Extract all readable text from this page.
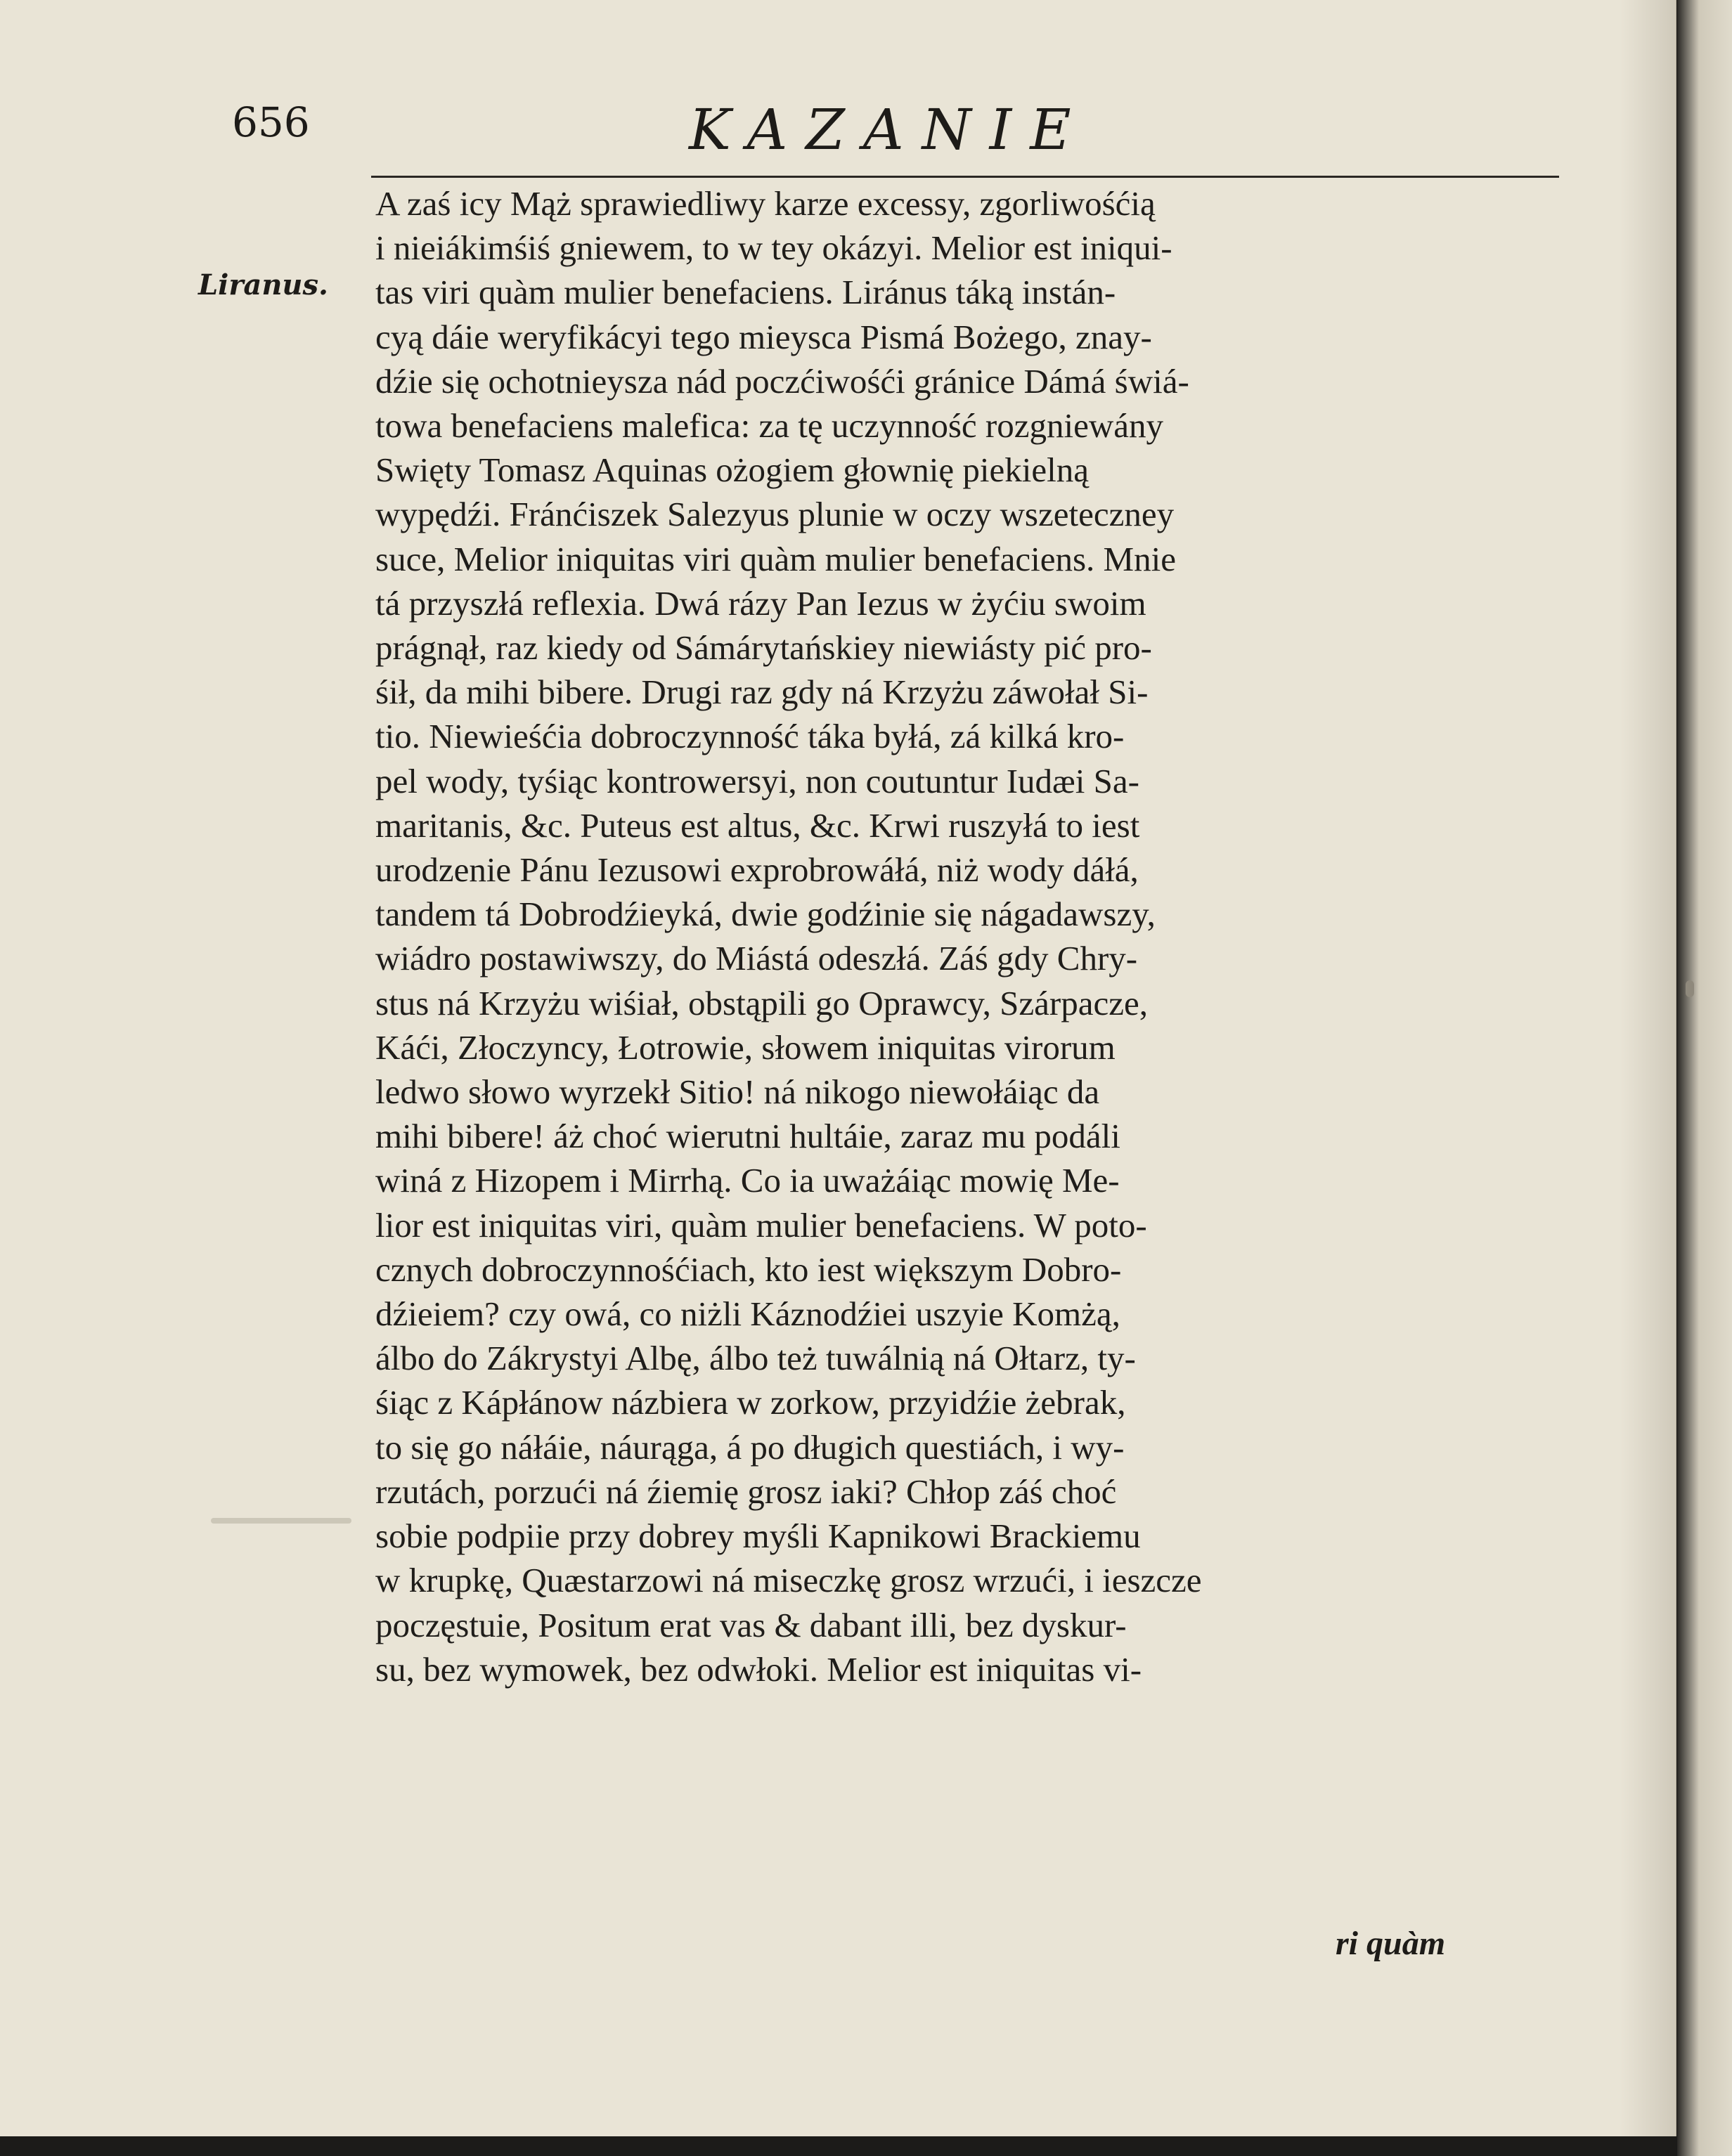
656	KAZANIE
Liranus.

A zaś icy Mąż sprawiedliwy karze excessy, zgorliwośćią

i nieiákimśiś gniewem, to w tey okázyi. Melior est iniqui-

tas viri quàm mulier benefaciens. Liránus táką instán-

cyą dáie weryfikácyi tego mieysca Pismá Bożego, znay-

dźie się ochotnieysza nád poczćiwośći gránice Dámá świá-

towa benefaciens malefica: za tę uczynność rozgniewány

Swięty Tomasz Aquinas ożogiem głownię piekielną

wypędźi. Fránćiszek Salezyus plunie w oczy wszeteczney

suce, Melior iniquitas viri quàm mulier benefaciens. Mnie

tá przyszłá reflexia. Dwá rázy Pan Iezus w żyćiu swoim

prágnął, raz kiedy od Sámárytańskiey niewiásty pić pro-

śił, da mihi bibere. Drugi raz gdy ná Krzyżu záwołał Si-

tio. Niewieśćia dobroczynność táka byłá, zá kilká kro-

pel wody, tyśiąc kontrowersyi, non coutuntur Iudæi Sa-

maritanis, &c. Puteus est altus, &c. Krwi ruszyłá to iest

urodzenie Pánu Iezusowi exprobrowáłá, niż wody dáłá,

tandem tá Dobrodźieyká, dwie godźinie się nágadawszy,

wiádro postawiwszy, do Miástá odeszłá. Záś gdy Chry-

stus ná Krzyżu wiśiał, obstąpili go Oprawcy, Szárpacze,

Káći, Złoczyncy, Łotrowie, słowem iniquitas virorum

ledwo słowo wyrzekł Sitio! ná nikogo niewołáiąc da

mihi bibere! áż choć wierutni hultáie, zaraz mu podáli

winá z Hizopem i Mirrhą. Co ia uważáiąc mowię Me-

lior est iniquitas viri, quàm mulier benefaciens. W poto-

cznych dobroczynnośćiach, kto iest większym Dobro-

dźieiem? czy owá, co niżli Káznodźiei uszyie Komżą,

álbo do Zákrystyi Albę, álbo też tuwálnią ná Ołtarz, ty-

śiąc z Kápłánow názbiera w zorkow, przyidźie żebrak,

to się go náłáie, náurąga, á po długich questiách, i wy-

rzutách, porzući ná źiemię grosz iaki? Chłop záś choć

sobie podpiie przy dobrey myśli Kapnikowi Brackiemu

w krupkę, Quæstarzowi ná miseczkę grosz wrzući, i ieszcze

poczęstuie, Positum erat vas & dabant illi, bez dyskur-

su, bez wymowek, bez odwłoki. Melior est iniquitas vi-

ri quàm
